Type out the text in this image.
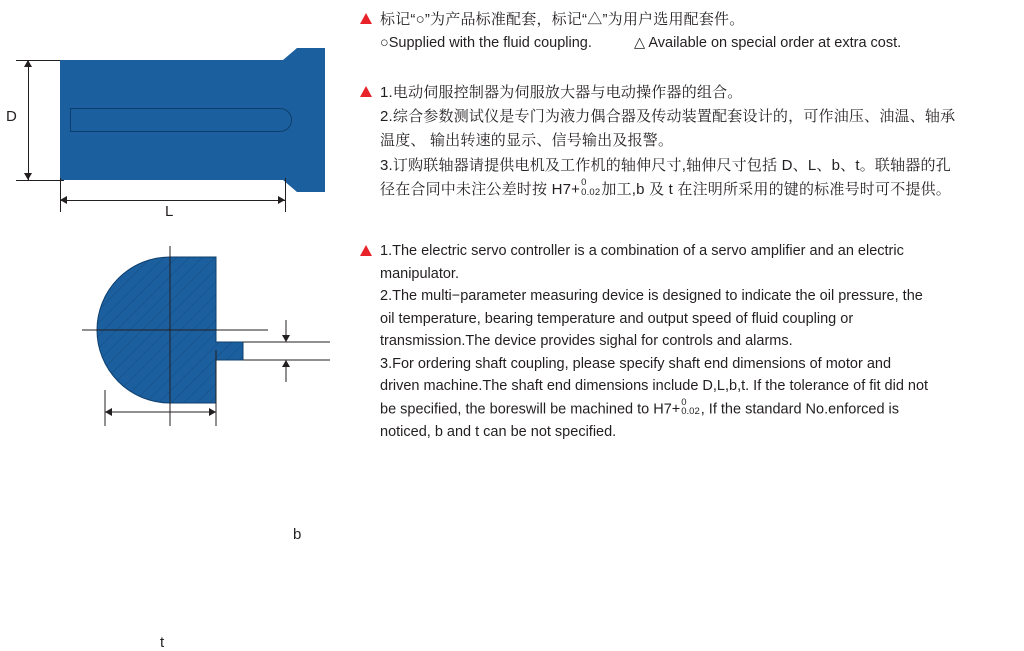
D
L
b
t

标记“○”为产品标准配套，标记“△”为用户选用配套件。

○Supplied with the fluid coupling.	△ Available on special order at extra cost.

1.电动伺服控制器为伺服放大器与电动操作器的组合。

2.综合参数测试仪是专门为液力偶合器及传动装置配套设计的，可作油压、油温、轴承

温度、 输出转速的显示、信号输出及报警。

3.订购联轴器请提供电机及工作机的轴伸尺寸,轴伸尺寸包括 D、L、b、t。联轴器的孔

径在合同中未注公差时按 H7+ 0
0.02 加工,b 及 t 在注明所采用的键的标准号时可不提供。

1.The electric servo controller is a combination of a servo amplifier and an electric

manipulator.

2.The multi−parameter measuring device is designed to indicate the oil pressure, the

oil temperature, bearing temperature and output speed of fluid coupling or

transmission.The device provides sighal for controls and alarms.

3.For ordering shaft coupling, please specify shaft end dimensions of motor and

driven machine.The shaft end dimensions include D,L,b,t. If the tolerance of fit did not

be specified, the boreswill be machined to H7+ 0
0.02 , If the standard No.enforced is

noticed, b and t can be not specified.
